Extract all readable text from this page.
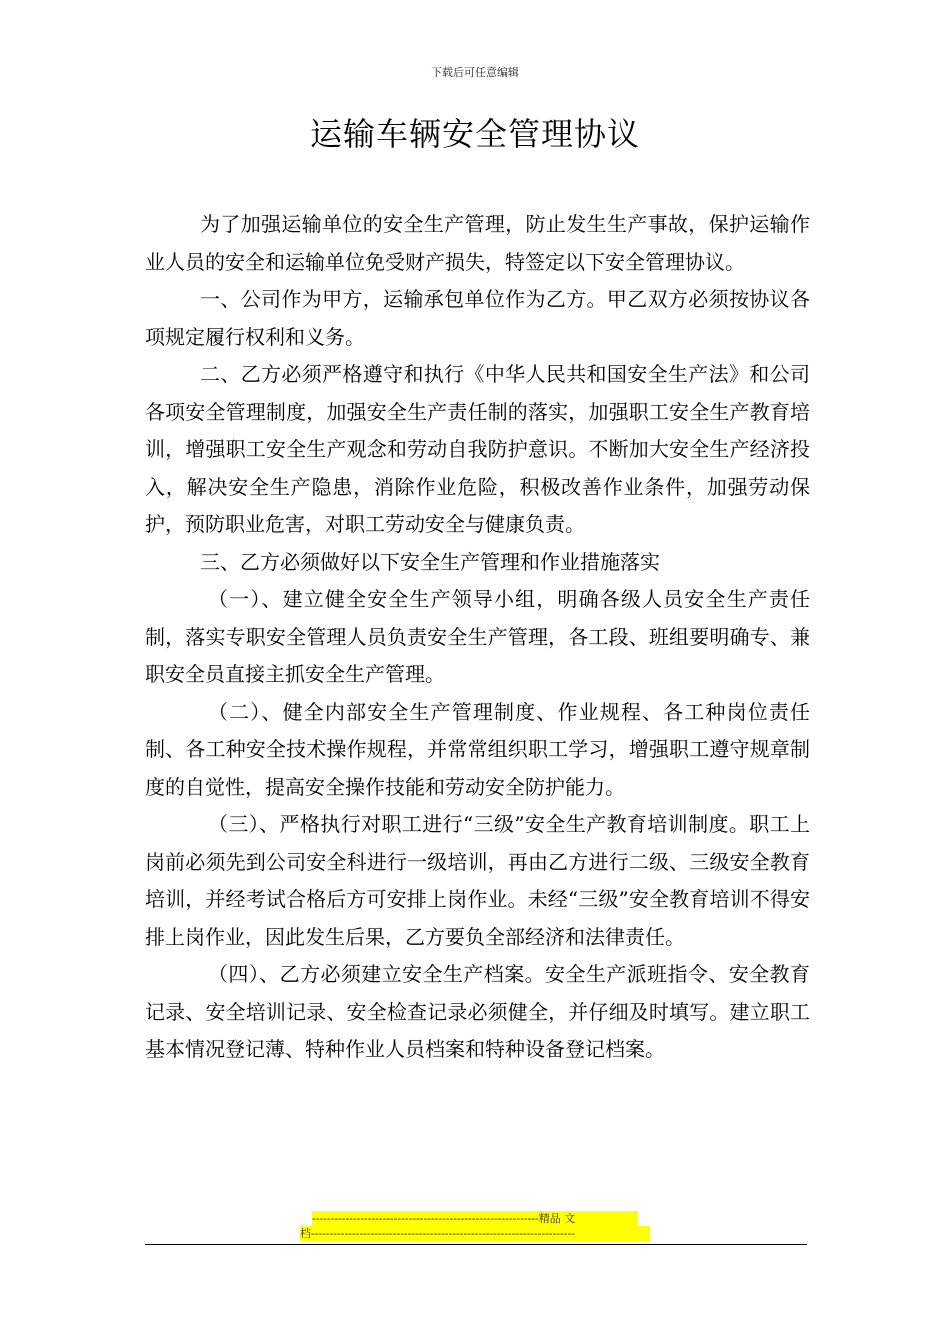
下载后可任意编辑
运输车辆安全管理协议

为了加强运输单位的安全生产管理，防止发生生产事故，保护运输作业人员的安全和运输单位免受财产损失，特签定以下安全管理协议。

一、公司作为甲方，运输承包单位作为乙方。甲乙双方必须按协议各项规定履行权利和义务。

二、乙方必须严格遵守和执行《中华人民共和国安全生产法》和公司各项安全管理制度，加强安全生产责任制的落实，加强职工安全生产教育培训，增强职工安全生产观念和劳动自我防护意识。不断加大安全生产经济投入，解决安全生产隐患，消除作业危险，积极改善作业条件，加强劳动保护，预防职业危害，对职工劳动安全与健康负责。

三、乙方必须做好以下安全生产管理和作业措施落实

（一）、建立健全安全生产领导小组，明确各级人员安全生产责任制，落实专职安全管理人员负责安全生产管理，各工段、班组要明确专、兼职安全员直接主抓安全生产管理。

（二）、健全内部安全生产管理制度、作业规程、各工种岗位责任制、各工种安全技术操作规程，并常常组织职工学习，增强职工遵守规章制度的自觉性，提高安全操作技能和劳动安全防护能力。

（三）、严格执行对职工进行“三级”安全生产教育培训制度。职工上岗前必须先到公司安全科进行一级培训，再由乙方进行二级、三级安全教育培训，并经考试合格后方可安排上岗作业。未经“三级”安全教育培训不得安排上岗作业，因此发生后果，乙方要负全部经济和法律责任。

（四）、乙方必须建立安全生产档案。安全生产派班指令、安全教育记录、安全培训记录、安全检查记录必须健全，并仔细及时填写。建立职工基本情况登记薄、特种作业人员档案和特种设备登记档案。

-------------------------------------------------------------精品 文
档-----------------------------------------------------------------------
